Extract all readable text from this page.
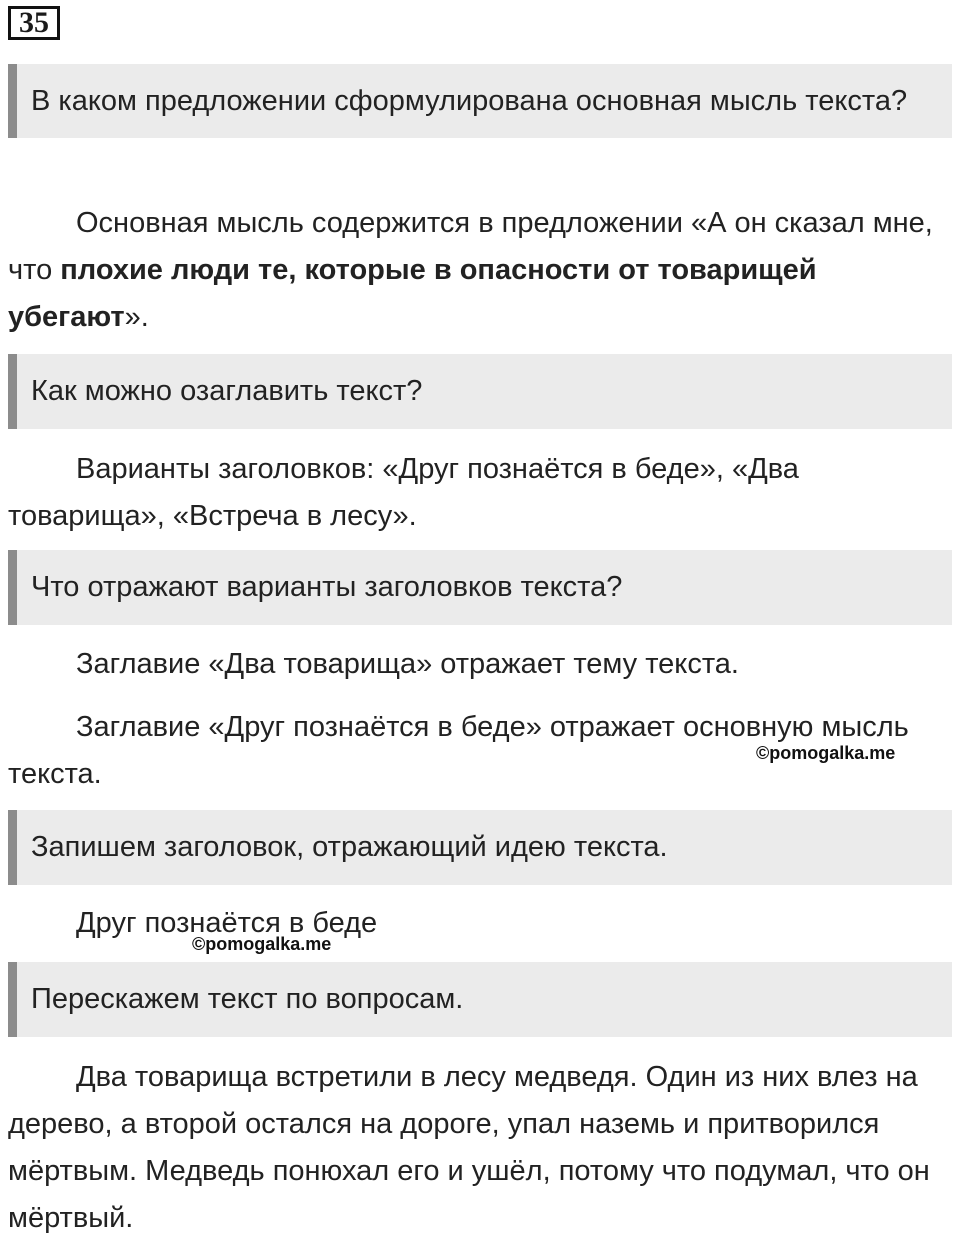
35
В каком предложении сформулирована основная мысль текста?
Основная мысль содержится в предложении «А он сказал мне, что плохие люди те, которые в опасности от товарищей убегают».
Как можно озаглавить текст?
Варианты заголовков: «Друг познаётся в беде», «Два товарища», «Встреча в лесу».
Что отражают варианты заголовков текста?
Заглавие «Два товарища» отражает тему текста.
Заглавие «Друг познаётся в беде» отражает основную мысль текста.
©pomogalka.me
Запишем заголовок, отражающий идею текста.
Друг познаётся в беде
©pomogalka.me
Перескажем текст по вопросам.
Два товарища встретили в лесу медведя. Один из них влез на дерево, а второй остался на дороге, упал наземь и притворился мёртвым. Медведь понюхал его и ушёл, потому что подумал, что он мёртвый.
